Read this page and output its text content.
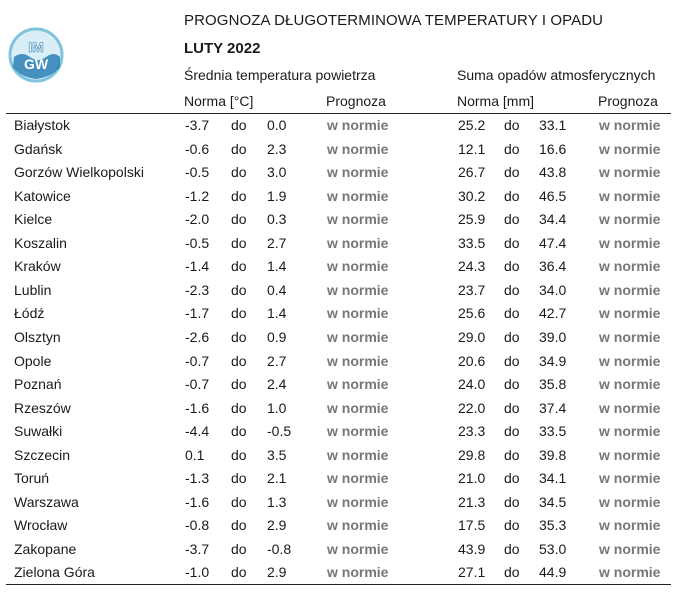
IM
GW
PROGNOZA DŁUGOTERMINOWA TEMPERATURY I OPADU
LUTY 2022
Średnia temperatura powietrza	Suma opadów atmosferycznych
Norma [°C]	Prognoza	Norma [mm]	Prognoza
Białystok	-3.7 do 0.0	w normie	25.2 do 33.1 w normie
Gdańsk	-0.6 do 2.3	w normie	12.1 do 16.6 w normie
Gorzów Wielkopolski	-0.5 do 3.0	w normie	26.7 do 43.8 w normie
Katowice	-1.2 do 1.9	w normie	30.2 do 46.5 w normie
Kielce	-2.0 do 0.3	w normie	25.9 do 34.4 w normie
Koszalin	-0.5 do 2.7	w normie	33.5 do 47.4 w normie
Kraków	-1.4 do 1.4	w normie	24.3 do 36.4 w normie
Lublin	-2.3 do 0.4	w normie	23.7 do 34.0 w normie
Łódź	-1.7 do 1.4	w normie	25.6 do 42.7 w normie
Olsztyn	-2.6 do 0.9	w normie	29.0 do 39.0 w normie
Opole	-0.7 do 2.7	w normie	20.6 do 34.9 w normie
Poznań	-0.7 do 2.4	w normie	24.0 do 35.8 w normie
Rzeszów	-1.6 do 1.0	w normie	22.0 do 37.4 w normie
Suwałki	-4.4 do -0.5	w normie	23.3 do 33.5 w normie
Szczecin	0.1 do 3.5	w normie	29.8 do 39.8 w normie
Toruń	-1.3 do 2.1	w normie	21.0 do 34.1 w normie
Warszawa	-1.6 do 1.3	w normie	21.3 do 34.5 w normie
Wrocław	-0.8 do 2.9	w normie	17.5 do 35.3 w normie
Zakopane	-3.7 do -0.8	w normie	43.9 do 53.0 w normie
Zielona Góra	-1.0 do 2.9	w normie	27.1 do 44.9 w normie
